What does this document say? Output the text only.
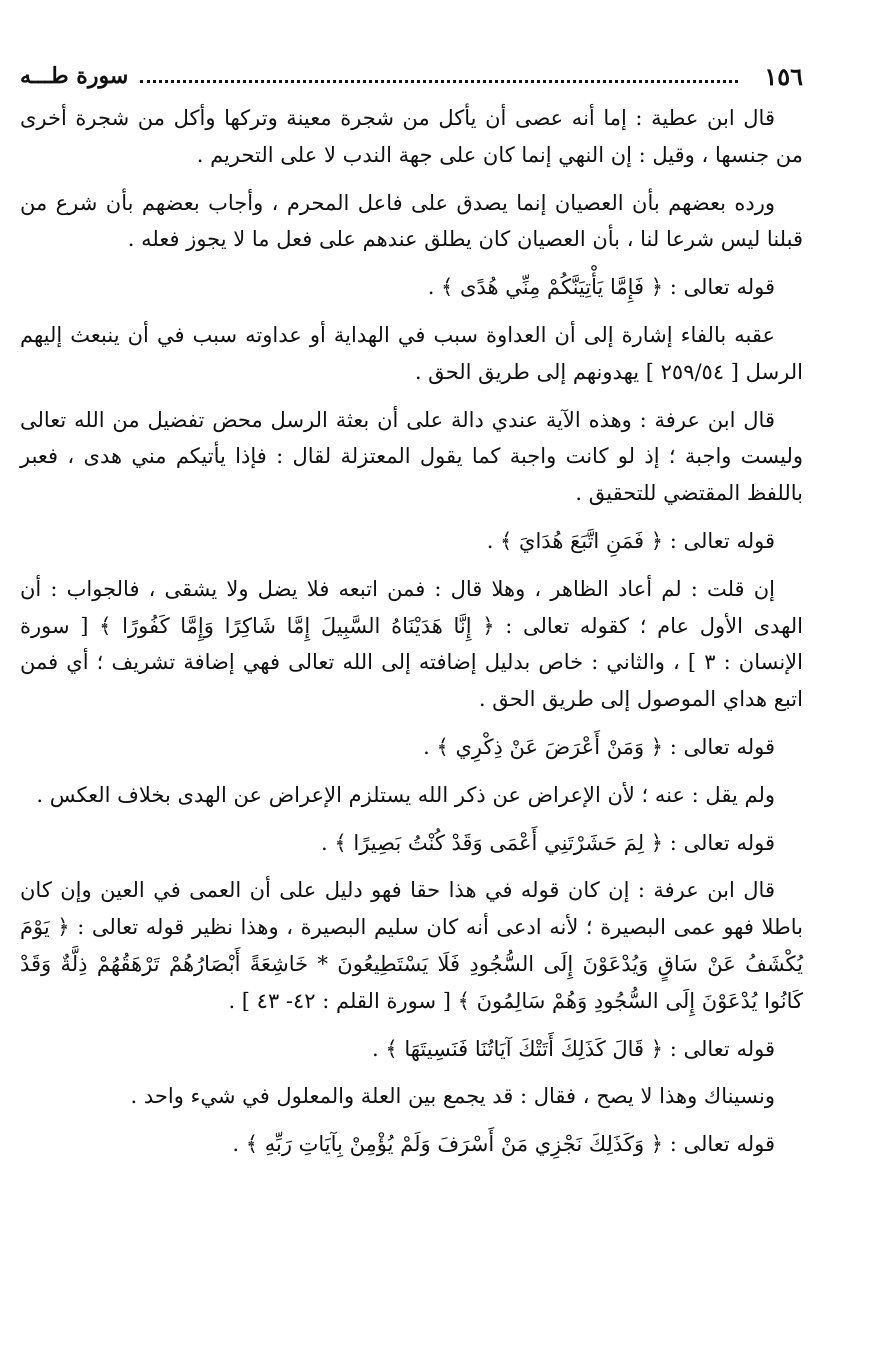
١٥٦
سورة طـــه

قال ابن عطية : إما أنه عصى أن يأكل من شجرة معينة وتركها وأكل من شجرة أخرى من جنسها ، وقيل : إن النهي إنما كان على جهة الندب لا على التحريم .

ورده بعضهم بأن العصيان إنما يصدق على فاعل المحرم ، وأجاب بعضهم بأن شرع من قبلنا ليس شرعا لنا ، بأن العصيان كان يطلق عندهم على فعل ما لا يجوز فعله .

قوله تعالى : ﴿ فَإِمَّا يَأْتِيَنَّكُمْ مِنِّي هُدًى ﴾ .

عقبه بالفاء إشارة إلى أن العداوة سبب في الهداية أو عداوته سبب في أن ينبعث إليهم الرسل [ ٢٥٩/٥٤ ] يهدونهم إلى طريق الحق .

قال ابن عرفة : وهذه الآية عندي دالة على أن بعثة الرسل محض تفضيل من الله تعالى وليست واجبة ؛ إذ لو كانت واجبة كما يقول المعتزلة لقال : فإذا يأتيكم مني هدى ، فعبر باللفظ المقتضي للتحقيق .

قوله تعالى : ﴿ فَمَنِ اتَّبَعَ هُدَايَ ﴾ .

إن قلت : لم أعاد الظاهر ، وهلا قال : فمن اتبعه فلا يضل ولا يشقى ، فالجواب : أن الهدى الأول عام ؛ كقوله تعالى : ﴿ إِنَّا هَدَيْنَاهُ السَّبِيلَ إِمَّا شَاكِرًا وَإِمَّا كَفُورًا ﴾ [ سورة الإنسان : ٣ ] ، والثاني : خاص بدليل إضافته إلى الله تعالى فهي إضافة تشريف ؛ أي فمن اتبع هداي الموصول إلى طريق الحق .

قوله تعالى : ﴿ وَمَنْ أَعْرَضَ عَنْ ذِكْرِي ﴾ .

ولم يقل : عنه ؛ لأن الإعراض عن ذكر الله يستلزم الإعراض عن الهدى بخلاف العكس .

قوله تعالى : ﴿ لِمَ حَشَرْتَنِي أَعْمَى وَقَدْ كُنْتُ بَصِيرًا ﴾ .

قال ابن عرفة : إن كان قوله في هذا حقا فهو دليل على أن العمى في العين وإن كان باطلا فهو عمى البصيرة ؛ لأنه ادعى أنه كان سليم البصيرة ، وهذا نظير قوله تعالى : ﴿ يَوْمَ يُكْشَفُ عَنْ سَاقٍ وَيُدْعَوْنَ إِلَى السُّجُودِ فَلَا يَسْتَطِيعُونَ * خَاشِعَةً أَبْصَارُهُمْ تَرْهَقُهُمْ ذِلَّةٌ وَقَدْ كَانُوا يُدْعَوْنَ إِلَى السُّجُودِ وَهُمْ سَالِمُونَ ﴾ [ سورة القلم : ٤٢- ٤٣ ] .

قوله تعالى : ﴿ قَالَ كَذَلِكَ أَتَتْكَ آيَاتُنَا فَنَسِيتَهَا ﴾ .

ونسيناك وهذا لا يصح ، فقال : قد يجمع بين العلة والمعلول في شيء واحد .

قوله تعالى : ﴿ وَكَذَلِكَ نَجْزِي مَنْ أَسْرَفَ وَلَمْ يُؤْمِنْ بِآيَاتِ رَبِّهِ ﴾ .
